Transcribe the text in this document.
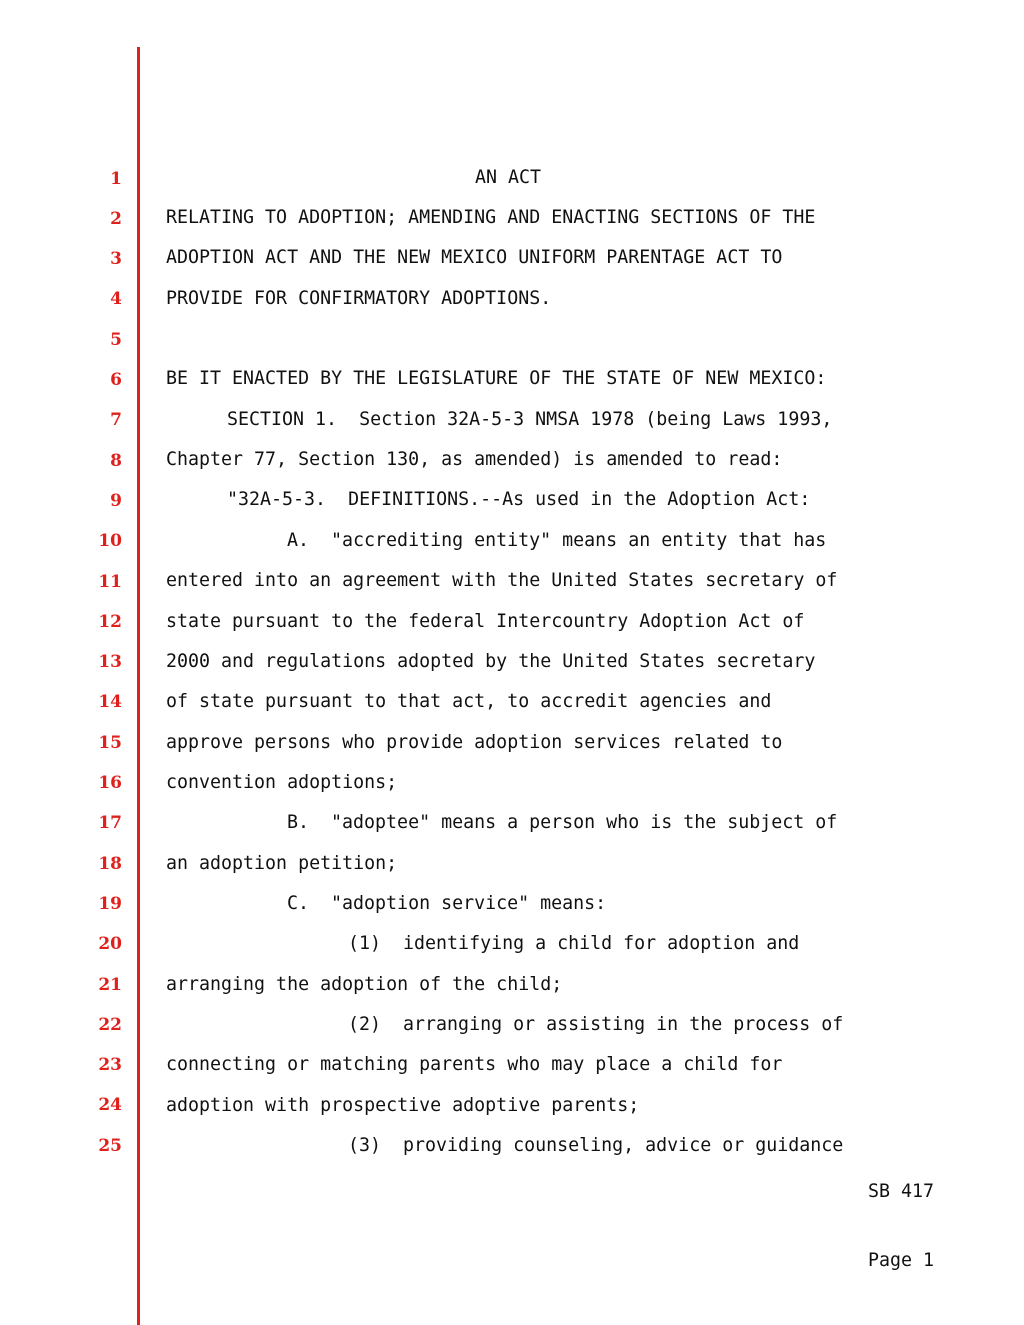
1
2
3
4
5
6
7
8
9
10
11
12
13
14
15
16
17
18
19
20
21
22
23
24
25
AN ACT
RELATING TO ADOPTION; AMENDING AND ENACTING SECTIONS OF THE
ADOPTION ACT AND THE NEW MEXICO UNIFORM PARENTAGE ACT TO
PROVIDE FOR CONFIRMATORY ADOPTIONS.
BE IT ENACTED BY THE LEGISLATURE OF THE STATE OF NEW MEXICO:
SECTION 1.  Section 32A-5-3 NMSA 1978 (being Laws 1993,
Chapter 77, Section 130, as amended) is amended to read:
"32A-5-3.  DEFINITIONS.--As used in the Adoption Act:
A.  "accrediting entity" means an entity that has
entered into an agreement with the United States secretary of
state pursuant to the federal Intercountry Adoption Act of
2000 and regulations adopted by the United States secretary
of state pursuant to that act, to accredit agencies and
approve persons who provide adoption services related to
convention adoptions;
B.  "adoptee" means a person who is the subject of
an adoption petition;
C.  "adoption service" means:
(1)  identifying a child for adoption and
arranging the adoption of the child;
(2)  arranging or assisting in the process of
connecting or matching parents who may place a child for
adoption with prospective adoptive parents;
(3)  providing counseling, advice or guidance

SB 417

Page 1
